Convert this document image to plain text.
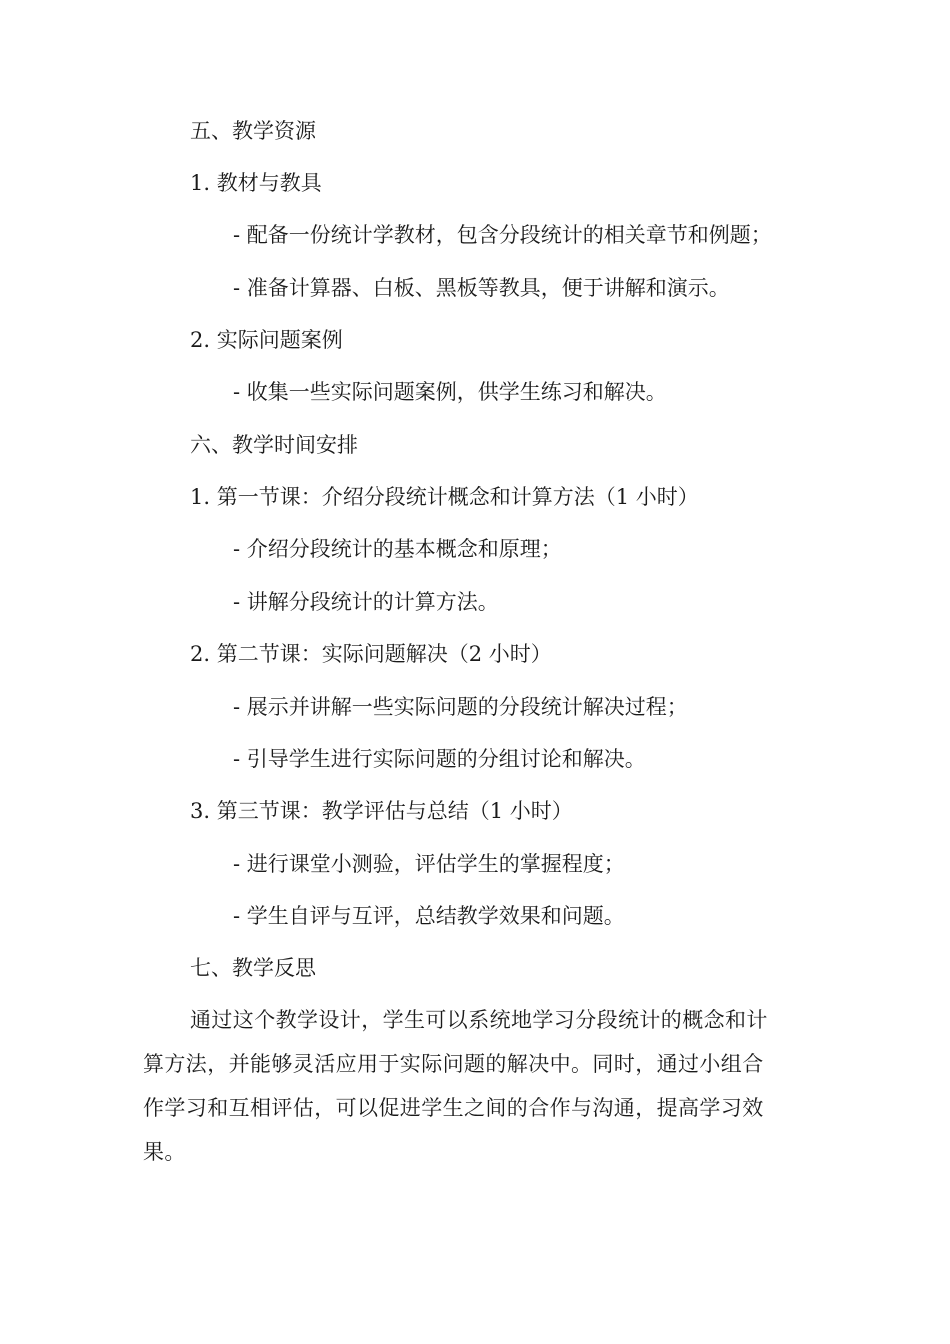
五、教学资源
1. 教材与教具
- 配备一份统计学教材，包含分段统计的相关章节和例题；
- 准备计算器、白板、黑板等教具，便于讲解和演示。
2. 实际问题案例
- 收集一些实际问题案例，供学生练习和解决。
六、教学时间安排
1. 第一节课：介绍分段统计概念和计算方法（1 小时）
- 介绍分段统计的基本概念和原理；
- 讲解分段统计的计算方法。
2. 第二节课：实际问题解决（2 小时）
- 展示并讲解一些实际问题的分段统计解决过程；
- 引导学生进行实际问题的分组讨论和解决。
3. 第三节课：教学评估与总结（1 小时）
- 进行课堂小测验，评估学生的掌握程度；
- 学生自评与互评，总结教学效果和问题。
七、教学反思
通过这个教学设计，学生可以系统地学习分段统计的概念和计
算方法，并能够灵活应用于实际问题的解决中。同时，通过小组合
作学习和互相评估，可以促进学生之间的合作与沟通，提高学习效
果。
